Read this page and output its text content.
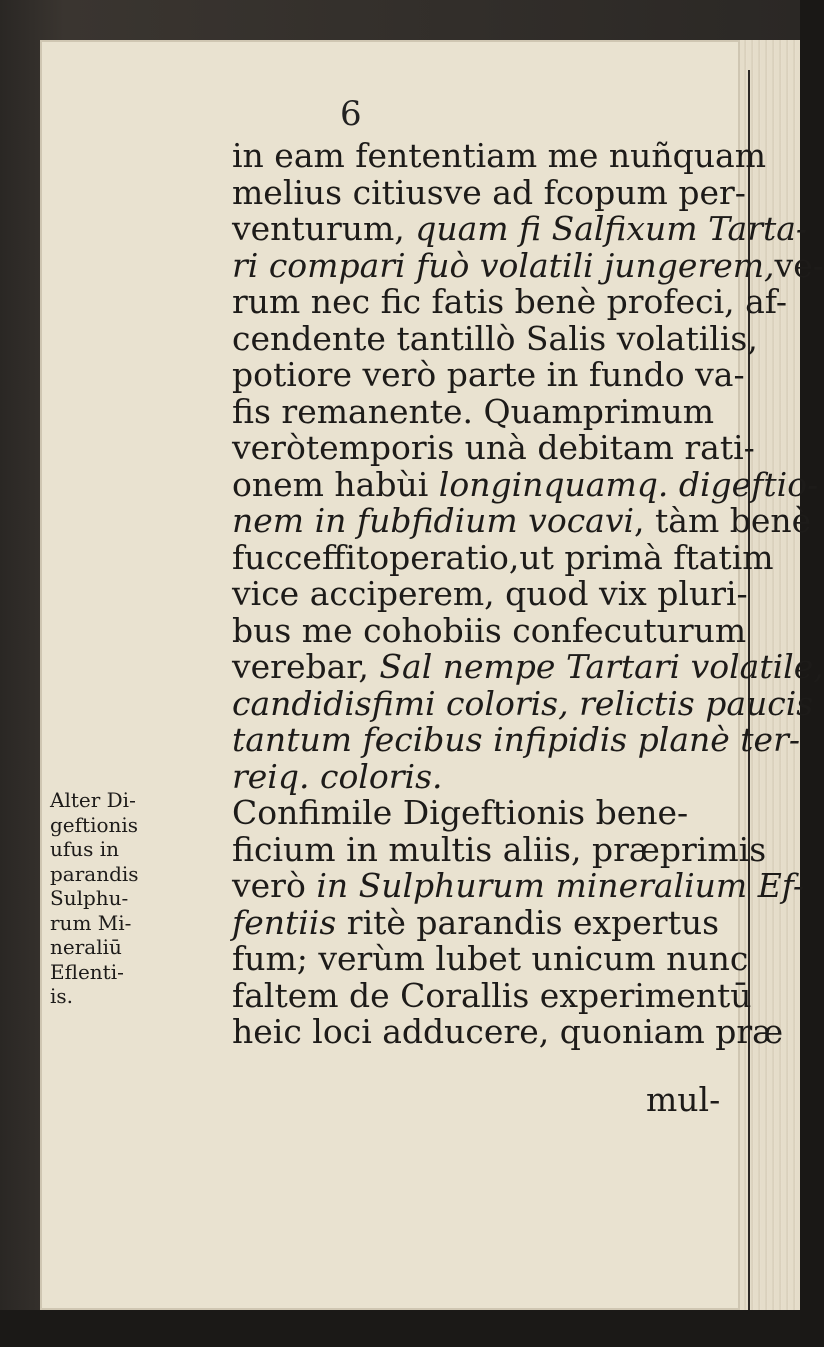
6

in eam fententiam me nuñquam
melius citiusve ad fcopum per-
venturum, quam fi Salfixum Tarta-
ri compari fuò volatili jungerem,ve-
rum nec fic fatis benè profeci, af-
cendente tantillò Salis volatilis,
potiore verò parte in fundo va-
fis remanente. Quamprimum
veròtemporis unà debitam rati-
onem habùi longinquamq. digeftio-
nem in fubfidium vocavi, tàm benè
fucceffitoperatio,ut primà ftatim
vice acciperem, quod vix pluri-
bus me cohobiis confecuturum
verebar, Sal nempe Tartari volatile,
candidisfimi coloris, relictis paucis
tantum fecibus infipidis planè ter-
reiq. coloris.
Confimile Digeftionis bene-
ficium in multis aliis, præprimis
verò in Sulphurum mineralium Ef-
fentiis ritè parandis expertus
fum; verùm lubet unicum nunc
faltem de Corallis experimentū
heic loci adducere, quoniam præ
Alter Di-
geftionis
ufus in
parandis
Sulphu-
rum Mi-
neraliū
Eflenti-
is.

mul-
